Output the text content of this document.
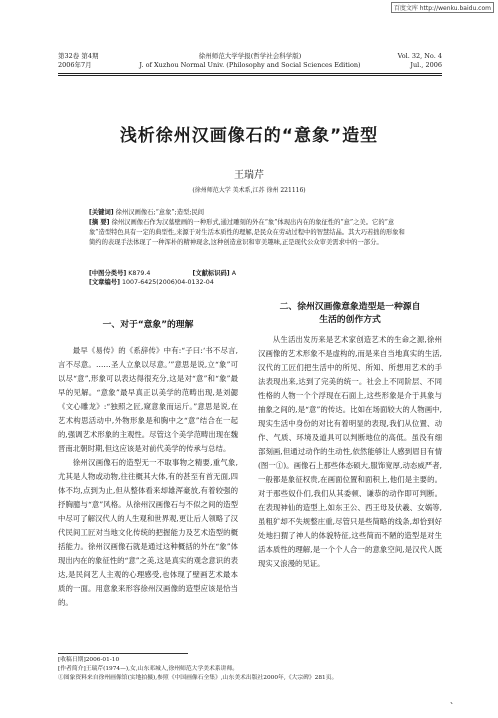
百度文库 http://wenku.baidu.com
第32卷 第4期
2006年7月
徐州师范大学学报(哲学社会科学版)
J. of Xuzhou Normal Univ. (Philosophy and Social Sciences Edition)
Vol. 32, No. 4
Jul., 2006
浅析徐州汉画像石的“意象”造型
王瑞芹
(徐州师范大学 美术系,江苏 徐州 221116)
[关键词] 徐州汉画像石;“意象”;造型;民间
[摘 要] 徐州汉画像石作为汉墓壁画的一种形式,通过雕刻的外在“象”体现出内在的象征性的“意”之美。它的“意象”造型特色具有一定的典型性,来源于对生活本质性的理解,是民众在劳动过程中的智慧结晶。其大巧若拙的形象和简约的表现手法体现了一种浑朴的精神现念,这种创造意识和审美趣味,正是现代公众审美需求中的一部分。
[中图分类号] K879.4	[文献标识码] A [文章编号] 1007-6425(2006)04-0132-04
一、对于“意象”的理解

最早《易传》的《系辞传》中有:“子曰:‘书不尽言,言不尽意。……圣人立象以尽意。’”意思是说,立“象”可以尽“意”,形象可以表达得很充分,这是对“意”和“象”最早的见解。“意象”最早真正以美学的范畴出现,是刘勰《文心雕龙》:“独照之匠,窥意象而运斤。”意思是说,在艺术构思活动中,外物形象是和胸中之“意”结合在一起的,强调艺术形象的主观性。尽管这个美学范畴出现在魏晋南北朝时期,但这应该是对前代美学的传承与总结。

徐州汉画像石的造型无一不取事物之精要,重气象,尤其是人物或动物,往往概其大体,有的甚至有首无面,四体不均,点到为止,但从整体看来却雄浑豪放,有着较强的抒胸臆与“意”风格。从徐州汉画像石与不似之间的造型中尽可了解汉代人的人生观和世界观,更让后人领略了汉代民间工匠对当地文化传统的把握能力及艺术造型的概括能力。徐州汉画像石就是通过这种概括的外在“象”体现出内在的象征性的“意”之美,这是真实的观念意识的表达,是民间艺人主观的心理感受,也体现了壁画艺术最本质的一面。用意象来形容徐州汉画像的造型应该是恰当的。

二、徐州汉画像意象造型是一种源自
生活的创作方式

从生活出发历来是艺术家创造艺术的生命之源,徐州汉画像的艺术形象不是虚构的,而是来自当地真实的生活,汉代的工匠们把生活中的所见、所知、所想用艺术的手法表现出来,达到了完美的统一。社会上不同阶层、不同性格的人物一个个浮现在石面上,这些形象是介于具象与抽象之间的,是“意”的传达。比如在场面较大的人物画中,现实生活中身份的对比有着明显的表现,我们从位置、动作、气质、环境及道具可以判断地位的高低。虽没有细部刻画,但通过动作的生动性,依然能够让人感到眉目有情(图一①)。画像石上那些体态硕大,服饰宽厚,动态威严者,一般都是象征权贵,在画面位置和面积上,他们是主要的。对于那些奴仆们,我们从其委顿、谦恭的动作即可判断。在表现神仙的造型上,如东王公、西王母及伏羲、女娲等,虽粗犷却不失规整庄重,尽管只是些简略的线条,却恰到好处地扫猬了神人的体貌特征,这些简而不陋的造型是对生活本质性的理解,是一个个人合一的意象空间,是汉代人既现实又浪漫的见证。

[收稿日期]2006-01-10
[作者简介]王瑞芹(1974—),女,山东邓城人,徐州师范大学美术系讲师。
①图象资料来自徐州画像馆(实地拍摄),参照《中国画像石全集》,山东美术出版社2000年,《大宗碑》281页。
、
